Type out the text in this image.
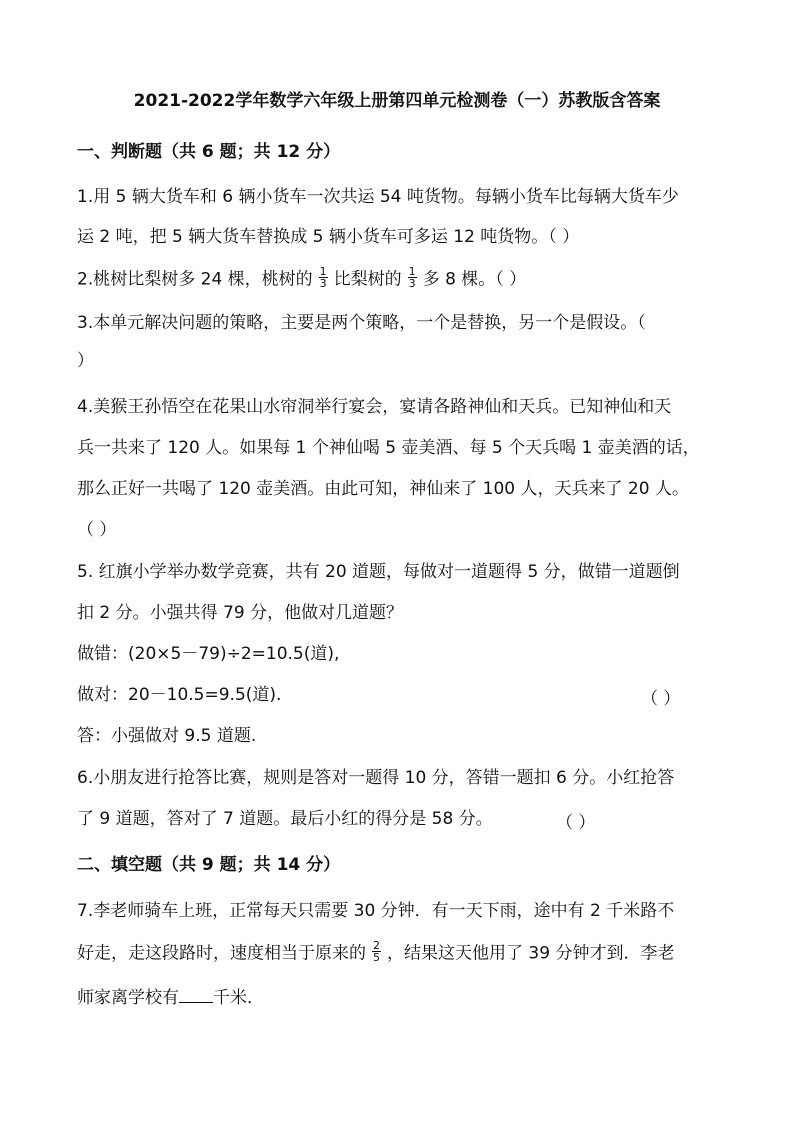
2021-2022学年数学六年级上册第四单元检测卷（一）苏教版含答案
一、判断题（共 6 题；共 12 分）
1.用 5 辆大货车和 6 辆小货车一次共运 54 吨货物。每辆小货车比每辆大货车少
运 2 吨，把 5 辆大货车替换成 5 辆小货车可多运 12 吨货物。（ ）
2.桃树比梨树多 24 棵，桃树的 $\frac{1}{3}$ 比梨树的 $\frac{1}{3}$ 多 8 棵。（ ）
3.本单元解决问题的策略，主要是两个策略，一个是替换，另一个是假设。（
）
4.美猴王孙悟空在花果山水帘洞举行宴会，宴请各路神仙和天兵。已知神仙和天
兵一共来了 120 人。如果每 1 个神仙喝 5 壶美酒、每 5 个天兵喝 1 壶美酒的话，
那么正好一共喝了 120 壶美酒。由此可知，神仙来了 100 人，天兵来了 20 人。
（ ）
5. 红旗小学举办数学竞赛，共有 20 道题，每做对一道题得 5 分，做错一道题倒
扣 2 分。小强共得 79 分，他做对几道题？
做错：(20×5－79)÷2=10.5(道),
做对：20－10.5=9.5(道).	（ ）
答：小强做对 9.5 道题.
6.小朋友进行抢答比赛，规则是答对一题得 10 分，答错一题扣 6 分。小红抢答
了 9 道题，答对了 7 道题。最后小红的得分是 58 分。	（ ）
二、填空题（共 9 题；共 14 分）
7.李老师骑车上班，正常每天只需要 30 分钟．有一天下雨，途中有 2 千米路不
好走，走这段路时，速度相当于原来的 $\frac{2}{5}$ ，结果这天他用了 39 分钟才到．李老
师家离学校有 千米．
